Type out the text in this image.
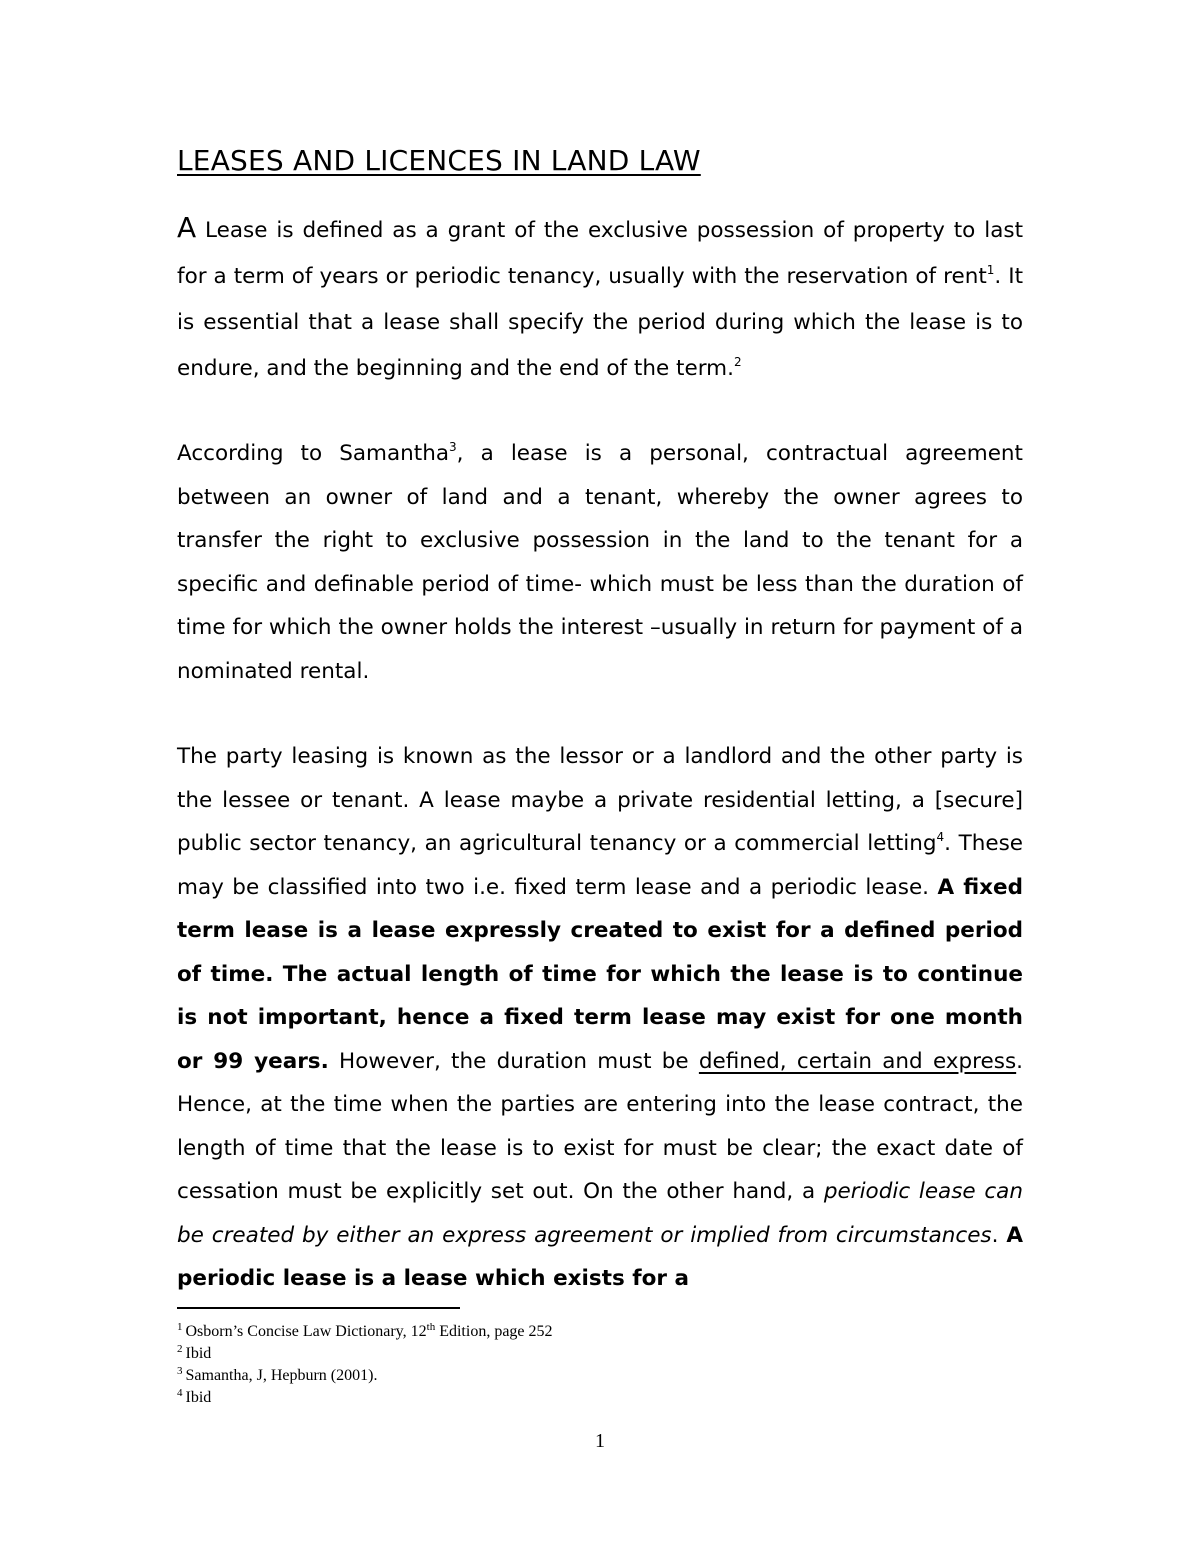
LEASES AND LICENCES IN LAND LAW

A Lease is defined as a grant of the exclusive possession of property to last for a term of years or periodic tenancy, usually with the reservation of rent$^1$. It is essential that a lease shall specify the period during which the lease is to endure, and the beginning and the end of the term.$^2$

According to Samantha$^3$, a lease is a personal, contractual agreement between an owner of land and a tenant, whereby the owner agrees to transfer the right to exclusive possession in the land to the tenant for a specific and definable period of time- which must be less than the duration of time for which the owner holds the interest –usually in return for payment of a nominated rental.

The party leasing is known as the lessor or a landlord and the other party is the lessee or tenant. A lease maybe a private residential letting, a [secure] public sector tenancy, an agricultural tenancy or a commercial letting$^4$. These may be classified into two i.e. fixed term lease and a periodic lease. A fixed term lease is a lease expressly created to exist for a defined period of time. The actual length of time for which the lease is to continue is not important, hence a fixed term lease may exist for one month or 99 years. However, the duration must be defined, certain and express. Hence, at the time when the parties are entering into the lease contract, the length of time that the lease is to exist for must be clear; the exact date of cessation must be explicitly set out. On the other hand, a periodic lease can be created by either an express agreement or implied from circumstances. A periodic lease is a lease which exists for a

$^1$ Osborn’s Concise Law Dictionary, 12th Edition, page 252
$^2$ Ibid
$^3$ Samantha, J, Hepburn (2001).
$^4$ Ibid
1
